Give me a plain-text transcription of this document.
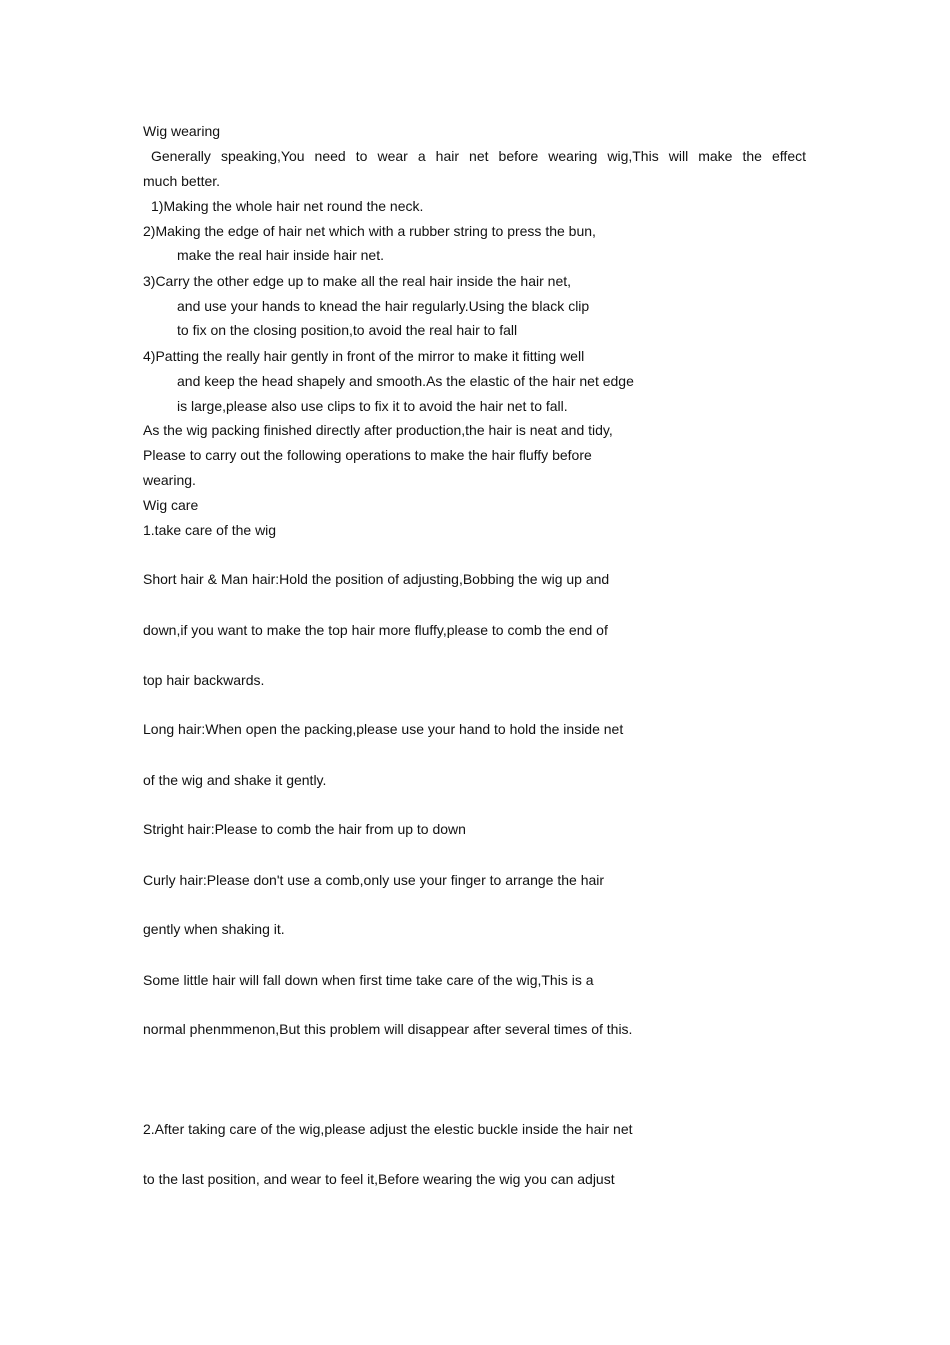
Wig wearing

Generally speaking,You need to wear a hair net before wearing wig,This will make the effect

much better.

1)Making the whole hair net round the neck.

2)Making the edge of hair net which with a rubber string to press the bun,

make the real hair inside hair net.

3)Carry the other edge up to make all the real hair inside the hair net,

and use your hands to knead the hair regularly.Using the black clip

to fix on the closing position,to avoid the real hair to fall

4)Patting the really hair gently in front of the mirror to make it fitting well

and keep the head shapely and smooth.As the elastic of the hair net edge

is large,please also use clips to fix it to avoid the hair net to fall.

As the wig packing finished directly after production,the hair is neat and tidy,

Please to carry out the following operations to make the hair fluffy before

wearing.

Wig care

1.take care of the wig

Short hair & Man hair:Hold the position of adjusting,Bobbing the wig up and

down,if you want to make the top hair more fluffy,please to comb the end of

top hair backwards.

Long hair:When open the packing,please use your hand to hold the inside net

of the wig and shake it gently.

Stright hair:Please to comb the hair from up to down

Curly hair:Please don't use a comb,only use your finger to arrange the hair

gently when shaking it.

Some little hair will fall down when first time take care of the wig,This is a

normal phenmmenon,But this problem will disappear after several times of this.

2.After taking care of the wig,please adjust the elestic buckle inside the hair net

to the last position, and wear to feel it,Before wearing the wig you can adjust
